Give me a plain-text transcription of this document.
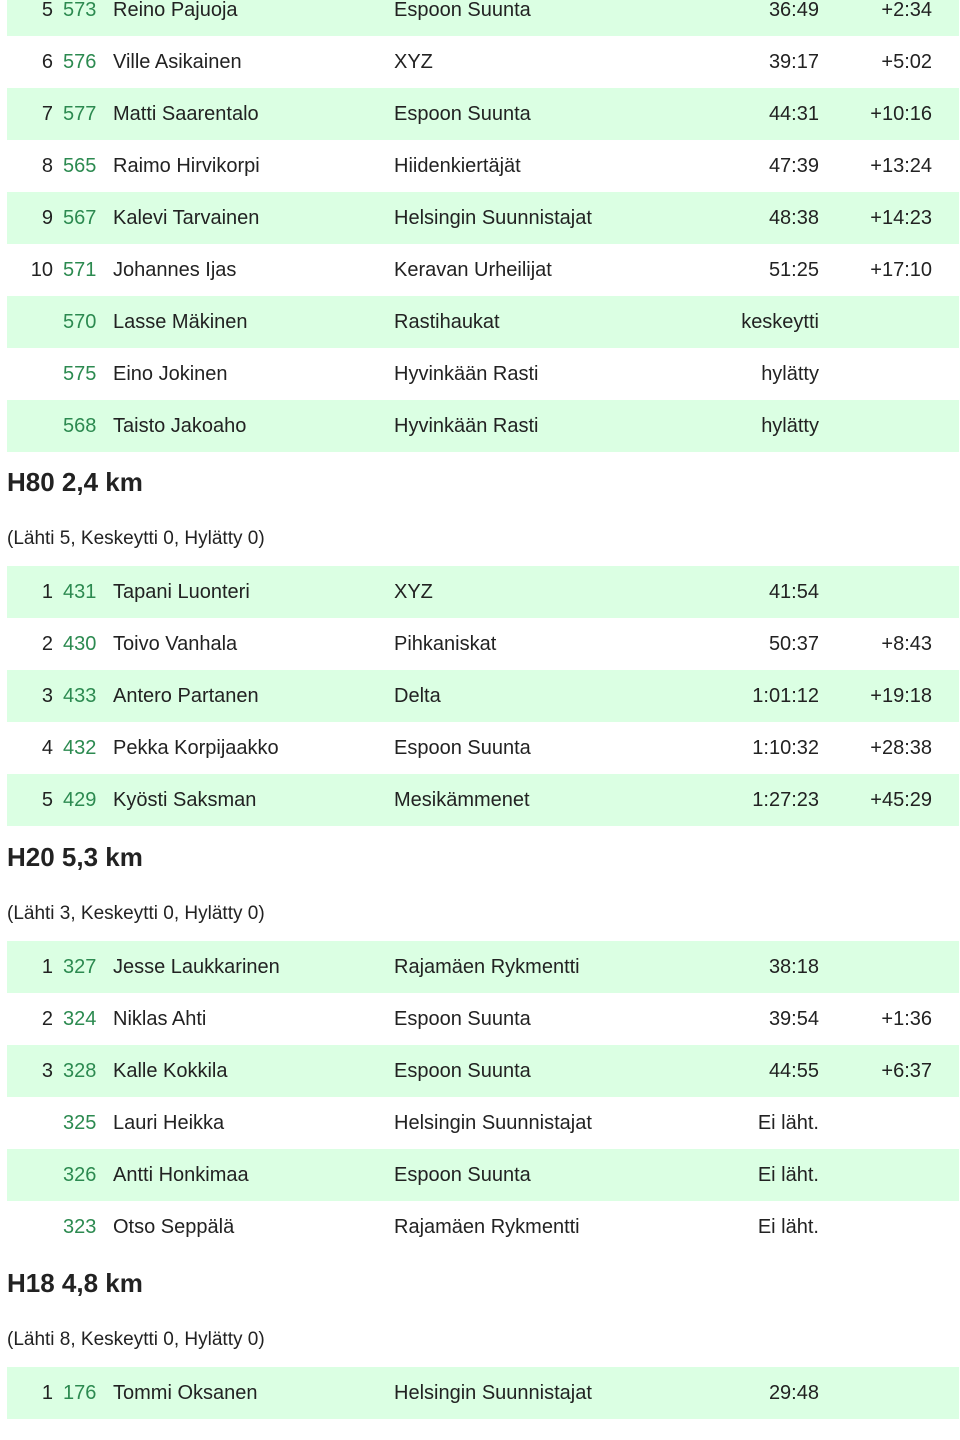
5 573 Reino Pajuoja	Espoon Suunta	36:49	+2:34
6 576 Ville Asikainen	XYZ	39:17	+5:02
7 577 Matti Saarentalo	Espoon Suunta	44:31	+10:16
8 565 Raimo Hirvikorpi	Hiidenkiertäjät	47:39	+13:24
9 567 Kalevi Tarvainen	Helsingin Suunnistajat	48:38	+14:23
10 571 Johannes Ijas	Keravan Urheilijat	51:25	+17:10
570 Lasse Mäkinen	Rastihaukat	keskeytti
575 Eino Jokinen	Hyvinkään Rasti	hylätty
568 Taisto Jakoaho	Hyvinkään Rasti	hylätty
1 431 Tapani Luonteri	XYZ	41:54
2 430 Toivo Vanhala	Pihkaniskat	50:37	+8:43
3 433 Antero Partanen	Delta	1:01:12	+19:18
4 432 Pekka Korpijaakko	Espoon Suunta	1:10:32	+28:38
5 429 Kyösti Saksman	Mesikämmenet	1:27:23	+45:29
1 327 Jesse Laukkarinen	Rajamäen Rykmentti	38:18
2 324 Niklas Ahti	Espoon Suunta	39:54	+1:36
3 328 Kalle Kokkila	Espoon Suunta	44:55	+6:37
325 Lauri Heikka	Helsingin Suunnistajat	Ei läht.
326 Antti Honkimaa	Espoon Suunta	Ei läht.
323 Otso Seppälä	Rajamäen Rykmentti	Ei läht.
1 176 Tommi Oksanen	Helsingin Suunnistajat	29:48
H80 2,4 km
(Lähti 5, Keskeytti 0, Hylätty 0)
H20 5,3 km
(Lähti 3, Keskeytti 0, Hylätty 0)
H18 4,8 km
(Lähti 8, Keskeytti 0, Hylätty 0)
